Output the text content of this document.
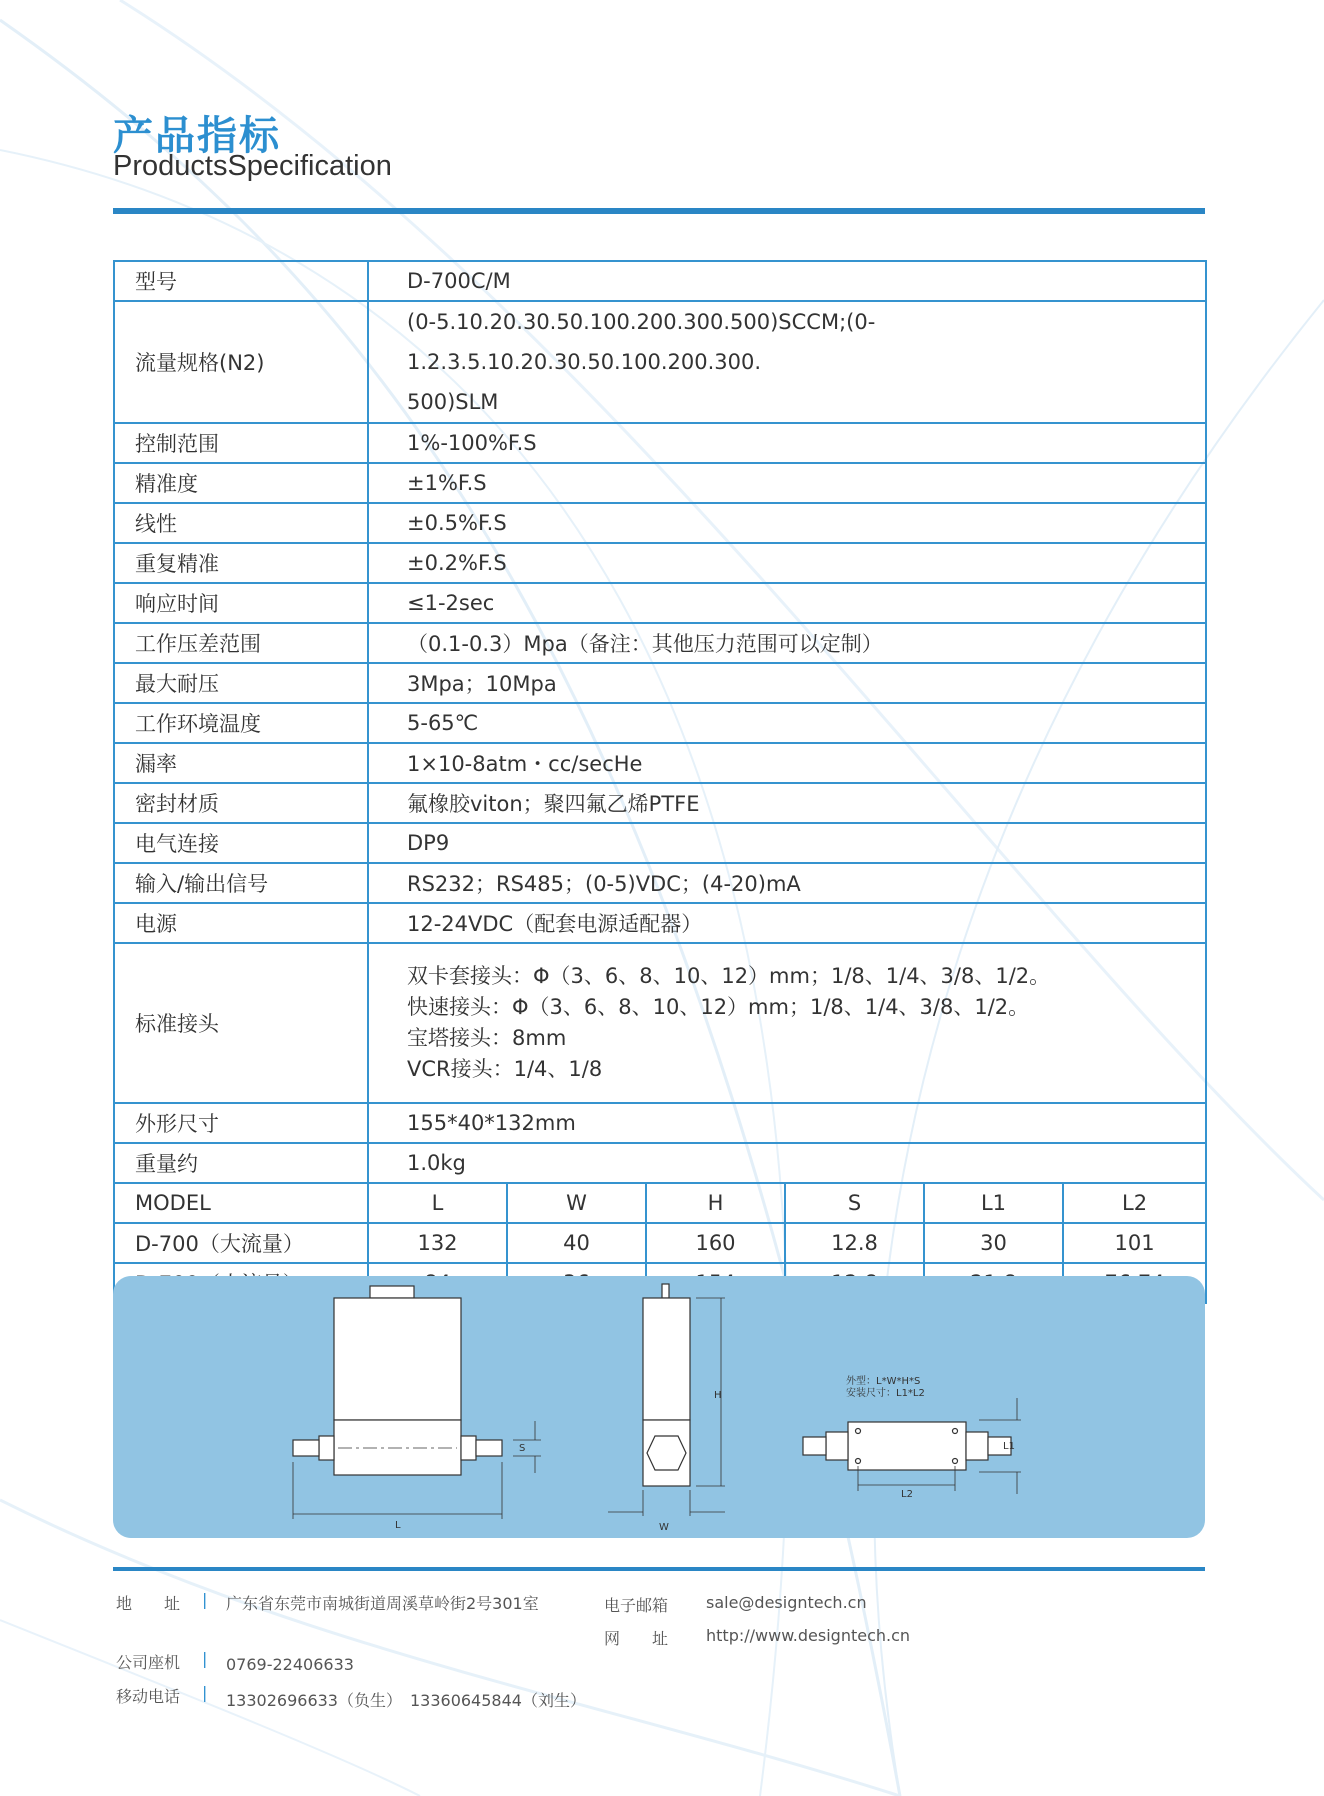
产品指标
ProductsSpecification
型号	D-700C/M					
流量规格(N2)	(0-5.10.20.30.50.100.200.300.500)SCCM;(0-1.2.3.5.10.20.30.50.100.200.300.
500)SLM					

控制范围	1%-100%F.S					
精准度	±1%F.S					
线性	±0.5%F.S					
重复精准	±0.2%F.S					
响应时间	≤1-2sec					
工作压差范围	（0.1-0.3）Mpa（备注：其他压力范围可以定制）					
最大耐压	3Mpa；10Mpa					
工作环境温度	5-65℃					
漏率	1×10-8atm・cc/secHe					
密封材质	氟橡胶viton；聚四氟乙烯PTFE					
电气连接	DP9					
输入/输出信号	RS232；RS485；(0-5)VDC；(4-20)mA					
电源	12-24VDC（配套电源适配器）					
标准接头	双卡套接头：Φ（3、6、8、10、12）mm；1/8、1/4、3/8、1/2。
快速接头：Φ（3、6、8、10、12）mm；1/8、1/4、3/8、1/2。
宝塔接头：8mm
VCR接头：1/4、1/8					

外形尺寸	155*40*132mm					
重量约	1.0kg					
MODEL	L	W	H	S	L1	L2
D-700（大流量）	132	40	160	12.8	30	101

L
S
H
W
外型：L*W*H*S
安装尺寸：L1*L2
L1
L2
地　　址 | 广东省东莞市南城街道周溪草岭街2号301室	电子邮箱 sale@designtech.cn
网　　址 http://www.designtech.cn
公司座机 | 0769-22406633
移动电话 | 13302696633（负生）　13360645844（刘生）
